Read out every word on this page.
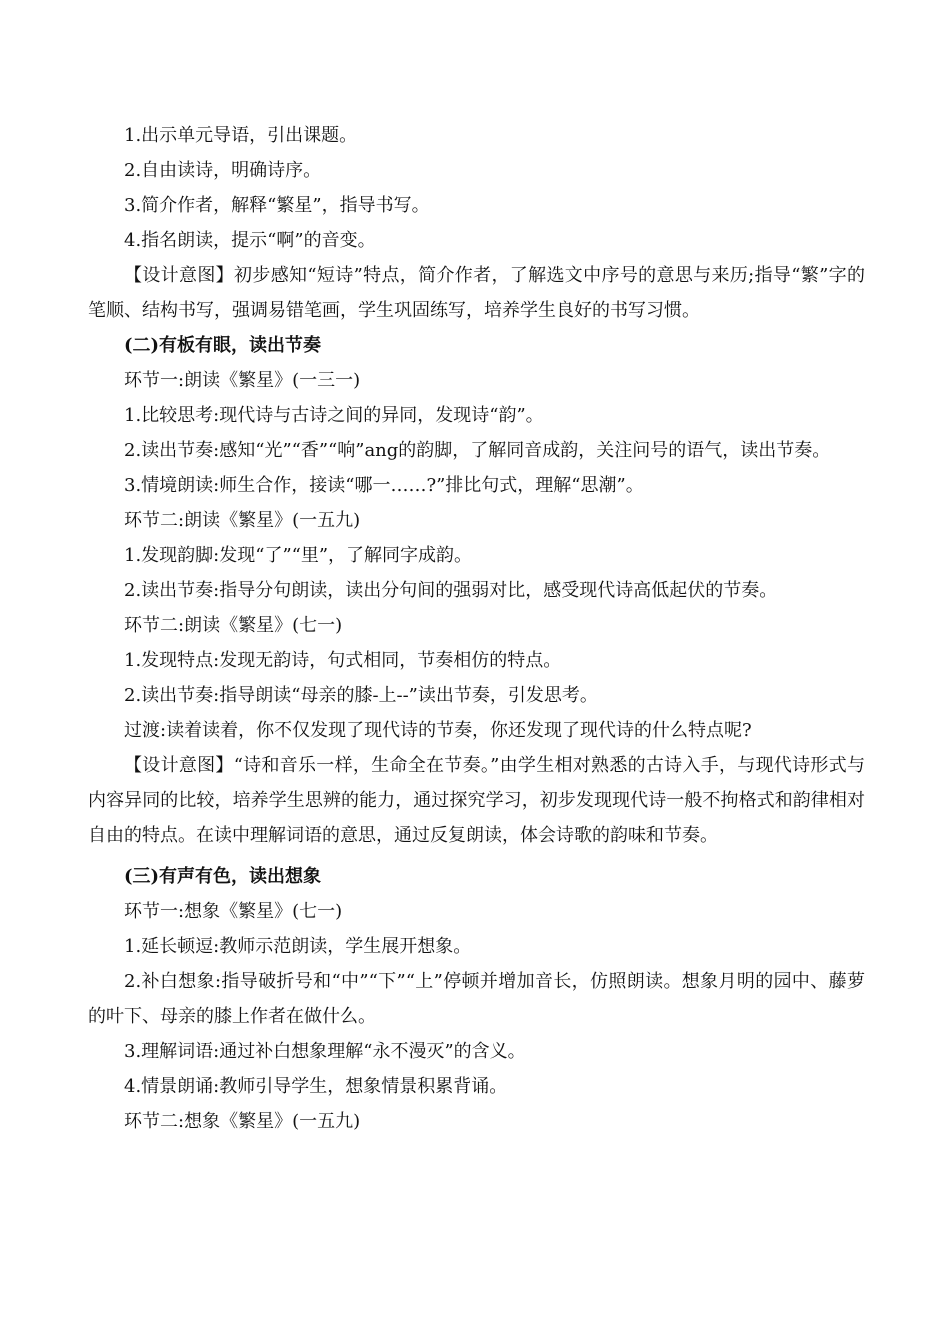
1.出示单元导语，引出课题。

2.自由读诗，明确诗序。

3.简介作者，解释“繁星”，指导书写。

4.指名朗读，提示“啊”的音变。

【设计意图】初步感知“短诗”特点，简介作者，了解选文中序号的意思与来历;指导“繁”字的笔顺、结构书写，强调易错笔画，学生巩固练写，培养学生良好的书写习惯。

(二)有板有眼，读出节奏

环节一:朗读《繁星》(一三一)

1.比较思考:现代诗与古诗之间的异同，发现诗“韵”。

2.读出节奏:感知“光”“香”“响”ang的韵脚，了解同音成韵，关注问号的语气，读出节奏。

3.情境朗读:师生合作，接读“哪一……?”排比句式，理解“思潮”。

环节二:朗读《繁星》(一五九)

1.发现韵脚:发现“了”“里”，了解同字成韵。

2.读出节奏:指导分句朗读，读出分句间的强弱对比，感受现代诗高低起伏的节奏。

环节二:朗读《繁星》(七一)

1.发现特点:发现无韵诗，句式相同，节奏相仿的特点。

2.读出节奏:指导朗读“母亲的膝-上--”读出节奏，引发思考。

过渡:读着读着，你不仅发现了现代诗的节奏，你还发现了现代诗的什么特点呢?

【设计意图】“诗和音乐一样，生命全在节奏。”由学生相对熟悉的古诗入手，与现代诗形式与内容异同的比较，培养学生思辨的能力，通过探究学习，初步发现现代诗一般不拘格式和韵律相对自由的特点。在读中理解词语的意思，通过反复朗读，体会诗歌的韵味和节奏。

(三)有声有色，读出想象

环节一:想象《繁星》(七一)

1.延长顿逗:教师示范朗读，学生展开想象。

2.补白想象:指导破折号和“中”“下”“上”停顿并增加音长，仿照朗读。想象月明的园中、藤萝的叶下、母亲的膝上作者在做什么。

3.理解词语:通过补白想象理解“永不漫灭”的含义。

4.情景朗诵:教师引导学生，想象情景积累背诵。

环节二:想象《繁星》(一五九)
